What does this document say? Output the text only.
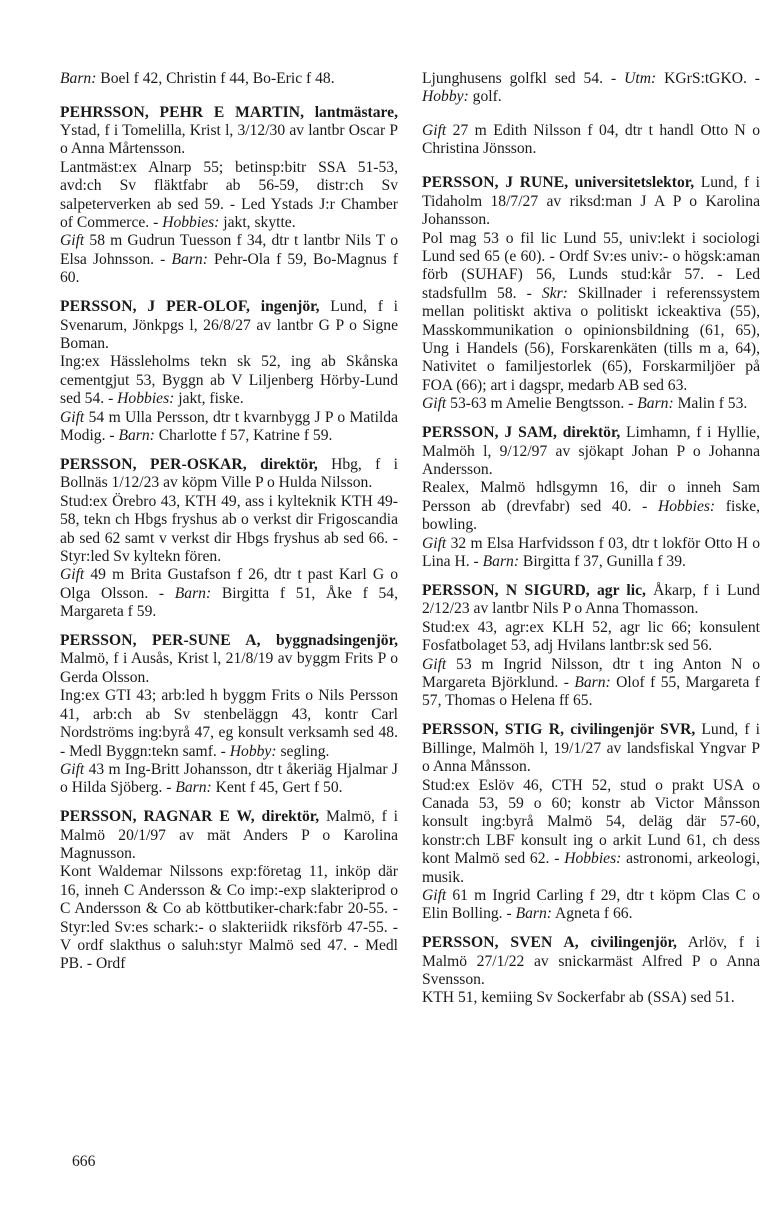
Barn: Boel f 42, Christin f 44, Bo-Eric f 48.

PEHRSSON, PEHR E MARTIN, lantmästare, Ystad, f i Tomelilla, Krist l, 3/12/30 av lantbr Oscar P o Anna Mårtensson.

Lantmäst:ex Alnarp 55; betinsp:bitr SSA 51-53, avd:ch Sv fläktfabr ab 56-59, distr:ch Sv salpeterverken ab sed 59. - Led Ystads J:r Chamber of Commerce. - Hobbies: jakt, skytte.

Gift 58 m Gudrun Tuesson f 34, dtr t lantbr Nils T o Elsa Johnsson. - Barn: Pehr-Ola f 59, Bo-Magnus f 60.

PERSSON, J PER-OLOF, ingenjör, Lund, f i Svenarum, Jönkpgs l, 26/8/27 av lantbr G P o Signe Boman.

Ing:ex Hässleholms tekn sk 52, ing ab Skånska cementgjut 53, Byggn ab V Liljenberg Hörby-Lund sed 54. - Hobbies: jakt, fiske.

Gift 54 m Ulla Persson, dtr t kvarnbygg J P o Matilda Modig. - Barn: Charlotte f 57, Katrine f 59.

PERSSON, PER-OSKAR, direktör, Hbg, f i Bollnäs 1/12/23 av köpm Ville P o Hulda Nilsson.

Stud:ex Örebro 43, KTH 49, ass i kylteknik KTH 49-58, tekn ch Hbgs fryshus ab o verkst dir Frigoscandia ab sed 62 samt v verkst dir Hbgs fryshus ab sed 66. - Styr:led Sv kyltekn fören.

Gift 49 m Brita Gustafson f 26, dtr t past Karl G o Olga Olsson. - Barn: Birgitta f 51, Åke f 54, Margareta f 59.

PERSSON, PER-SUNE A, byggnadsingenjör, Malmö, f i Ausås, Krist l, 21/8/19 av byggm Frits P o Gerda Olsson.

Ing:ex GTI 43; arb:led h byggm Frits o Nils Persson 41, arb:ch ab Sv stenbeläggn 43, kontr Carl Nordströms ing:byrå 47, eg konsult verksamh sed 48. - Medl Byggn:tekn samf. - Hobby: segling.

Gift 43 m Ing-Britt Johansson, dtr t åkeriäg Hjalmar J o Hilda Sjöberg. - Barn: Kent f 45, Gert f 50.

PERSSON, RAGNAR E W, direktör, Malmö, f i Malmö 20/1/97 av mät Anders P o Karolina Magnusson.

Kont Waldemar Nilssons exp:företag 11, inköp där 16, inneh C Andersson & Co imp:-exp slakteriprod o C Andersson & Co ab köttbutiker-chark:fabr 20-55. - Styr:led Sv:es schark:- o slakteriidk riksförb 47-55. - V ordf slakthus o saluh:styr Malmö sed 47. - Medl PB. - Ordf

Ljunghusens golfkl sed 54. - Utm: KGrS:tGKO. - Hobby: golf.

Gift 27 m Edith Nilsson f 04, dtr t handl Otto N o Christina Jönsson.

PERSSON, J RUNE, universitetslektor, Lund, f i Tidaholm 18/7/27 av riksd:man J A P o Karolina Johansson.

Pol mag 53 o fil lic Lund 55, univ:lekt i sociologi Lund sed 65 (e 60). - Ordf Sv:es univ:- o högsk:aman förb (SUHAF) 56, Lunds stud:kår 57. - Led stadsfullm 58. - Skr: Skillnader i referenssystem mellan politiskt aktiva o politiskt ickeaktiva (55), Masskommunikation o opinionsbildning (61, 65), Ung i Handels (56), Forskarenkäten (tills m a, 64), Nativitet o familjestorlek (65), Forskarmiljöer på FOA (66); art i dagspr, medarb AB sed 63.

Gift 53-63 m Amelie Bengtsson. - Barn: Malin f 53.

PERSSON, J SAM, direktör, Limhamn, f i Hyllie, Malmöh l, 9/12/97 av sjökapt Johan P o Johanna Andersson.

Realex, Malmö hdlsgymn 16, dir o inneh Sam Persson ab (drevfabr) sed 40. - Hobbies: fiske, bowling.

Gift 32 m Elsa Harfvidsson f 03, dtr t lokför Otto H o Lina H. - Barn: Birgitta f 37, Gunilla f 39.

PERSSON, N SIGURD, agr lic, Åkarp, f i Lund 2/12/23 av lantbr Nils P o Anna Thomasson.

Stud:ex 43, agr:ex KLH 52, agr lic 66; konsulent Fosfatbolaget 53, adj Hvilans lantbr:sk sed 56.

Gift 53 m Ingrid Nilsson, dtr t ing Anton N o Margareta Björklund. - Barn: Olof f 55, Margareta f 57, Thomas o Helena ff 65.

PERSSON, STIG R, civilingenjör SVR, Lund, f i Billinge, Malmöh l, 19/1/27 av landsfiskal Yngvar P o Anna Månsson.

Stud:ex Eslöv 46, CTH 52, stud o prakt USA o Canada 53, 59 o 60; konstr ab Victor Månsson konsult ing:byrå Malmö 54, deläg där 57-60, konstr:ch LBF konsult ing o arkit Lund 61, ch dess kont Malmö sed 62. - Hobbies: astronomi, arkeologi, musik.

Gift 61 m Ingrid Carling f 29, dtr t köpm Clas C o Elin Bolling. - Barn: Agneta f 66.

PERSSON, SVEN A, civilingenjör, Arlöv, f i Malmö 27/1/22 av snickarmäst Alfred P o Anna Svensson.

KTH 51, kemiing Sv Sockerfabr ab (SSA) sed 51.

666
